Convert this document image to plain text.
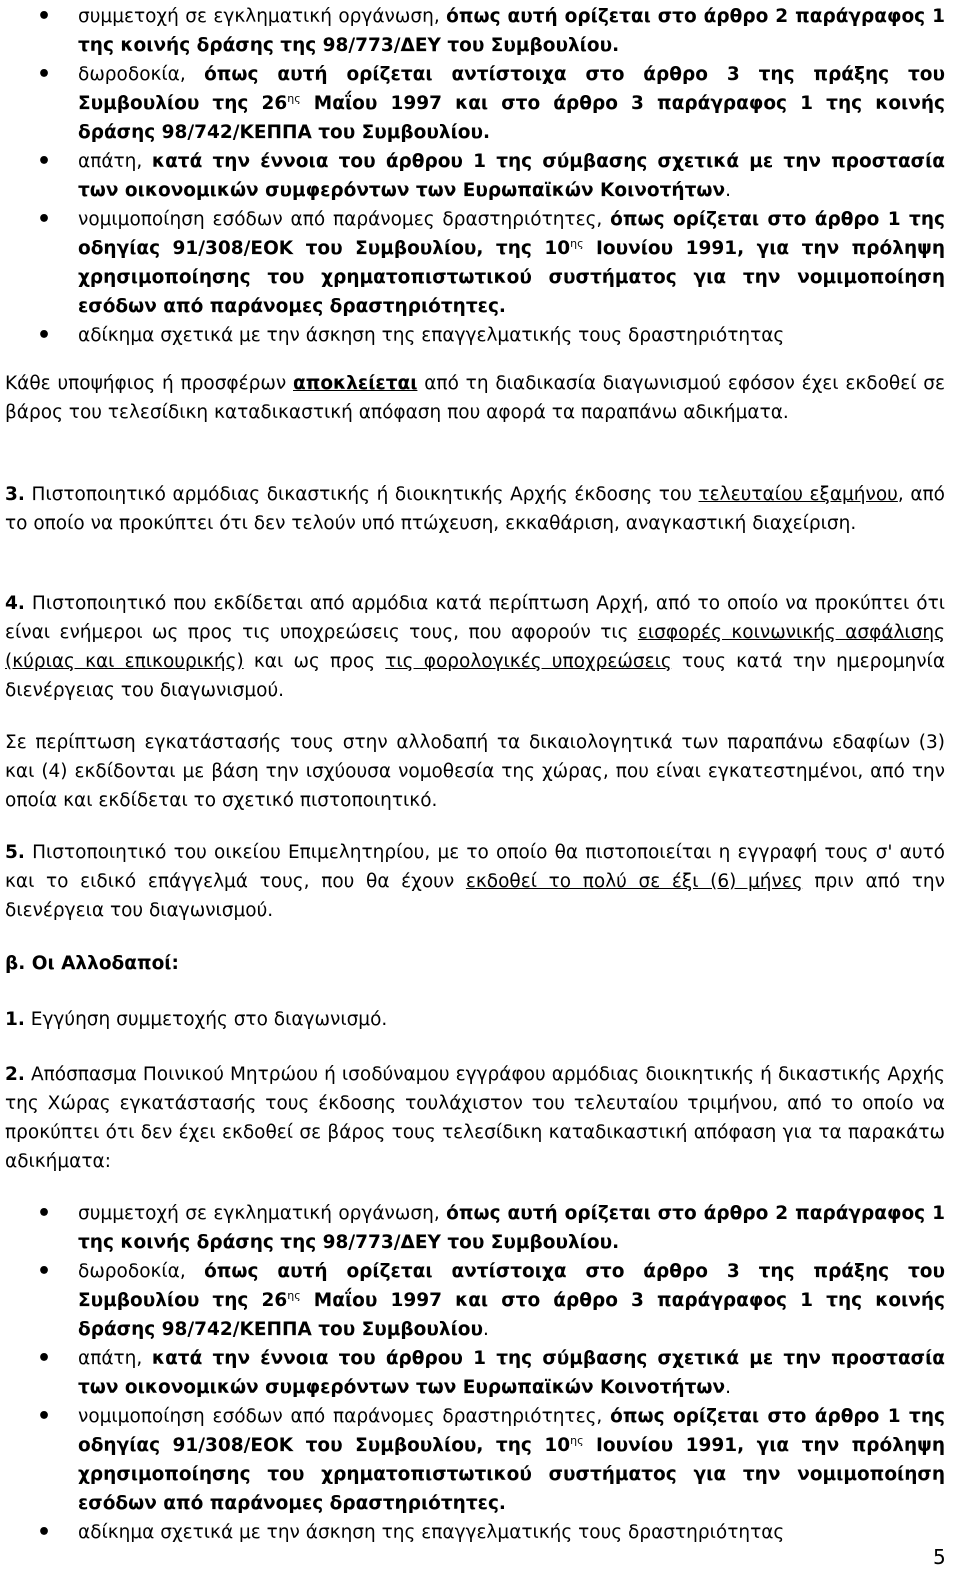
• συμμετοχή σε εγκληματική οργάνωση, όπως αυτή ορίζεται στο άρθρο 2 παράγραφος 1 της κοινής δράσης της 98/773/ΔΕΥ του Συμβουλίου.
• δωροδοκία, όπως αυτή ορίζεται αντίστοιχα στο άρθρο 3 της πράξης του Συμβουλίου της $26^{\eta\varsigma}$ Μαΐου 1997 και στο άρθρο 3 παράγραφος 1 της κοινής δράσης 98/742/ΚΕΠΠΑ του Συμβουλίου.
• απάτη, κατά την έννοια του άρθρου 1 της σύμβασης σχετικά με την προστασία των οικονομικών συμφερόντων των Ευρωπαϊκών Κοινοτήτων.
• νομιμοποίηση εσόδων από παράνομες δραστηριότητες, όπως ορίζεται στο άρθρο 1 της οδηγίας 91/308/ΕΟΚ του Συμβουλίου, της $10^{\eta\varsigma}$ Ιουνίου 1991, για την πρόληψη χρησιμοποίησης του χρηματοπιστωτικού συστήματος για την νομιμοποίηση εσόδων από παράνομες δραστηριότητες.
• αδίκημα σχετικά με την άσκηση της επαγγελματικής τους δραστηριότητας

Κάθε υποψήφιος ή προσφέρων αποκλείεται από τη διαδικασία διαγωνισμού εφόσον έχει εκδοθεί σε βάρος του τελεσίδικη καταδικαστική απόφαση που αφορά τα παραπάνω αδικήματα.

3. Πιστοποιητικό αρμόδιας δικαστικής ή διοικητικής Αρχής έκδοσης του τελευταίου εξαμήνου, από το οποίο να προκύπτει ότι δεν τελούν υπό πτώχευση, εκκαθάριση, αναγκαστική διαχείριση.

4. Πιστοποιητικό που εκδίδεται από αρμόδια κατά περίπτωση Αρχή, από το οποίο να προκύπτει ότι είναι ενήμεροι ως προς τις υποχρεώσεις τους, που αφορούν τις εισφορές κοινωνικής ασφάλισης (κύριας και επικουρικής) και ως προς τις φορολογικές υποχρεώσεις τους κατά την ημερομηνία διενέργειας του διαγωνισμού.

Σε περίπτωση εγκατάστασής τους στην αλλοδαπή τα δικαιολογητικά των παραπάνω εδαφίων (3) και (4) εκδίδονται με βάση την ισχύουσα νομοθεσία της χώρας, που είναι εγκατεστημένοι, από την οποία και εκδίδεται το σχετικό πιστοποιητικό.

5. Πιστοποιητικό του οικείου Επιμελητηρίου, με το οποίο θα πιστοποιείται η εγγραφή τους σ' αυτό και το ειδικό επάγγελμά τους, που θα έχουν εκδοθεί το πολύ σε έξι (6) μήνες πριν από την διενέργεια του διαγωνισμού.

β. Οι Αλλοδαποί:

1. Εγγύηση συμμετοχής στο διαγωνισμό.

2. Απόσπασμα Ποινικού Μητρώου ή ισοδύναμου εγγράφου αρμόδιας διοικητικής ή δικαστικής Αρχής της Χώρας εγκατάστασής τους έκδοσης τουλάχιστον του τελευταίου τριμήνου, από το οποίο να προκύπτει ότι δεν έχει εκδοθεί σε βάρος τους τελεσίδικη καταδικαστική απόφαση για τα παρακάτω αδικήματα:

• συμμετοχή σε εγκληματική οργάνωση, όπως αυτή ορίζεται στο άρθρο 2 παράγραφος 1 της κοινής δράσης της 98/773/ΔΕΥ του Συμβουλίου.
• δωροδοκία, όπως αυτή ορίζεται αντίστοιχα στο άρθρο 3 της πράξης του Συμβουλίου της $26^{\eta\varsigma}$ Μαΐου 1997 και στο άρθρο 3 παράγραφος 1 της κοινής δράσης 98/742/ΚΕΠΠΑ του Συμβουλίου.
• απάτη, κατά την έννοια του άρθρου 1 της σύμβασης σχετικά με την προστασία των οικονομικών συμφερόντων των Ευρωπαϊκών Κοινοτήτων.
• νομιμοποίηση εσόδων από παράνομες δραστηριότητες, όπως ορίζεται στο άρθρο 1 της οδηγίας 91/308/ΕΟΚ του Συμβουλίου, της $10^{\eta\varsigma}$ Ιουνίου 1991, για την πρόληψη χρησιμοποίησης του χρηματοπιστωτικού συστήματος για την νομιμοποίηση εσόδων από παράνομες δραστηριότητες.
• αδίκημα σχετικά με την άσκηση της επαγγελματικής τους δραστηριότητας
5
